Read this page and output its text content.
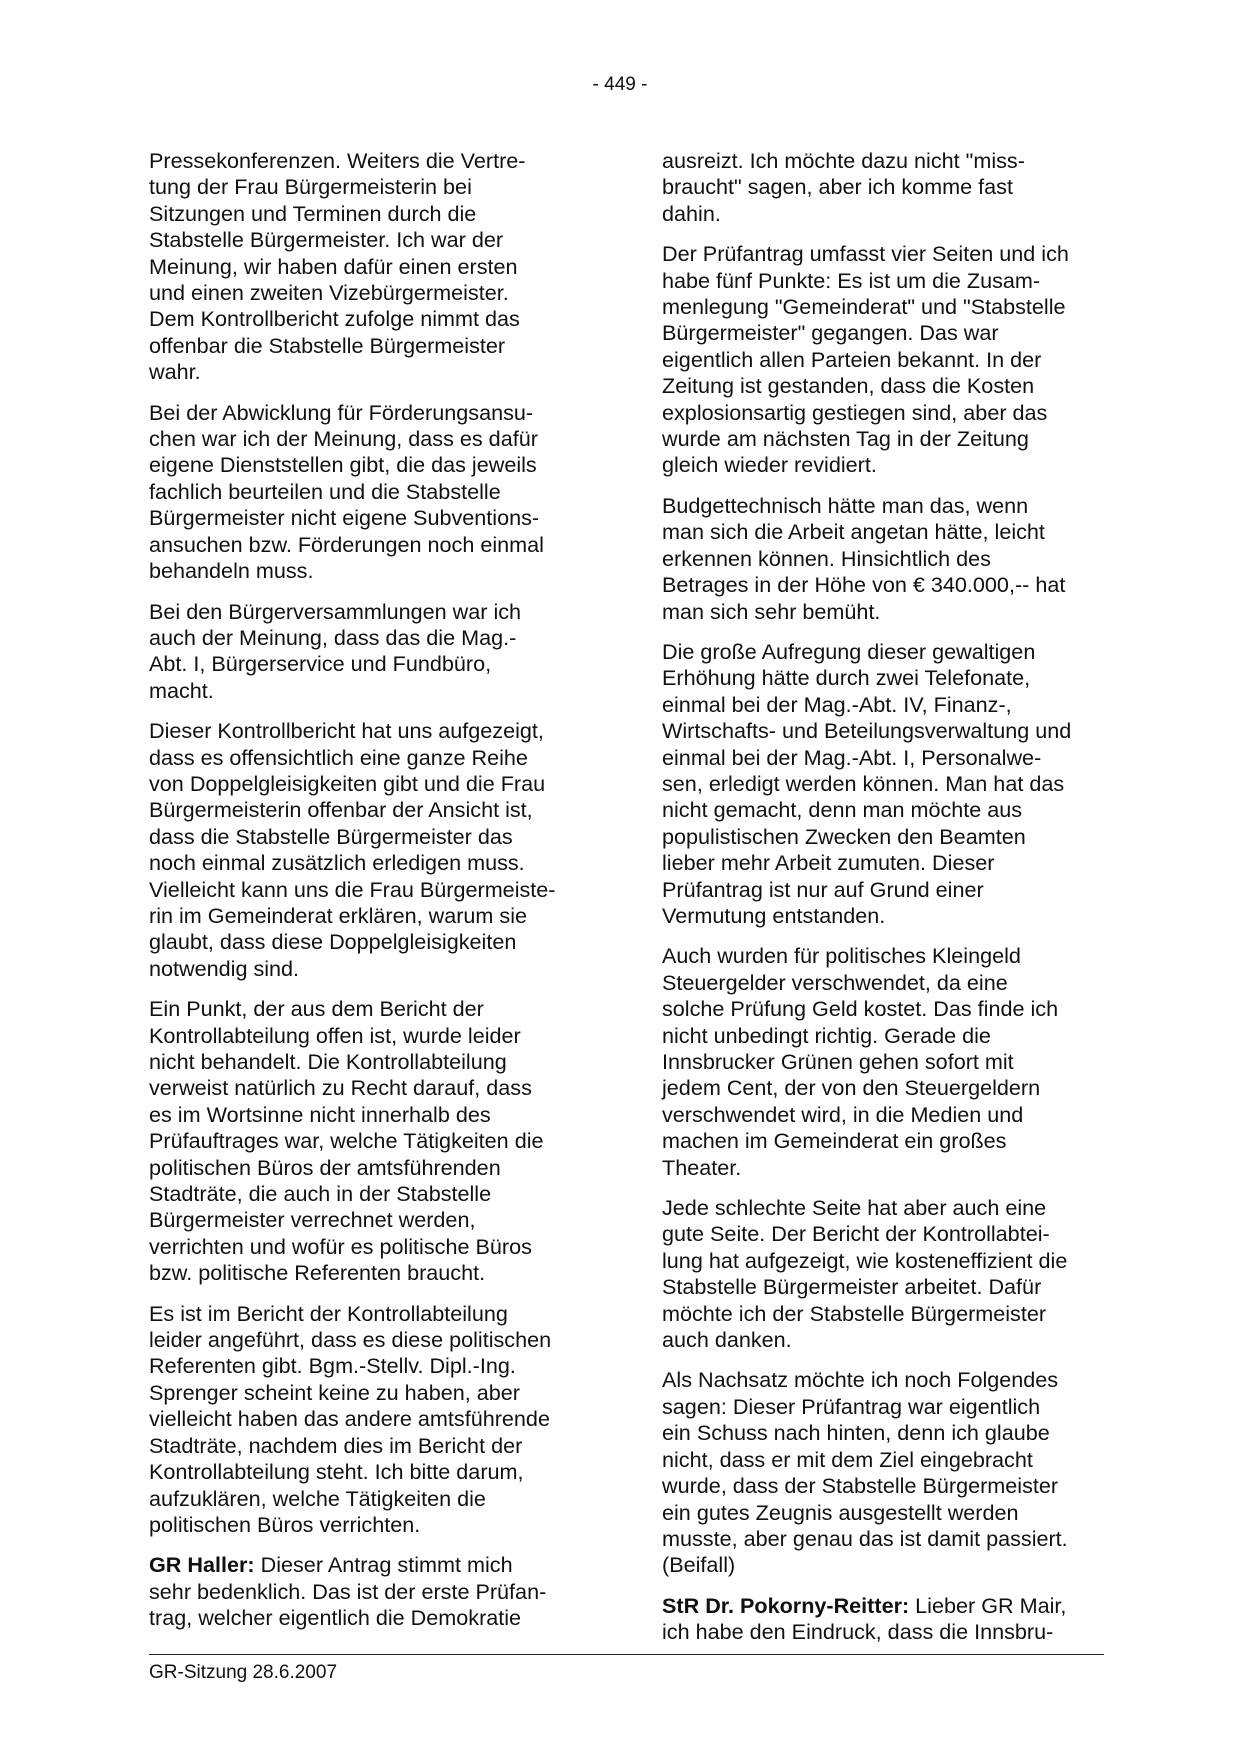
- 449 -

Pressekonferenzen. Weiters die Vertre-
tung der Frau Bürgermeisterin bei
Sitzungen und Terminen durch die
Stabstelle Bürgermeister. Ich war der
Meinung, wir haben dafür einen ersten
und einen zweiten Vizebürgermeister.
Dem Kontrollbericht zufolge nimmt das
offenbar die Stabstelle Bürgermeister
wahr.

Bei der Abwicklung für Förderungsansu-
chen war ich der Meinung, dass es dafür
eigene Dienststellen gibt, die das jeweils
fachlich beurteilen und die Stabstelle
Bürgermeister nicht eigene Subventions-
ansuchen bzw. Förderungen noch einmal
behandeln muss.

Bei den Bürgerversammlungen war ich
auch der Meinung, dass das die Mag.-
Abt. I, Bürgerservice und Fundbüro,
macht.

Dieser Kontrollbericht hat uns aufgezeigt,
dass es offensichtlich eine ganze Reihe
von Doppelgleisigkeiten gibt und die Frau
Bürgermeisterin offenbar der Ansicht ist,
dass die Stabstelle Bürgermeister das
noch einmal zusätzlich erledigen muss.
Vielleicht kann uns die Frau Bürgermeiste-
rin im Gemeinderat erklären, warum sie
glaubt, dass diese Doppelgleisigkeiten
notwendig sind.

Ein Punkt, der aus dem Bericht der
Kontrollabteilung offen ist, wurde leider
nicht behandelt. Die Kontrollabteilung
verweist natürlich zu Recht darauf, dass
es im Wortsinne nicht innerhalb des
Prüfauftrages war, welche Tätigkeiten die
politischen Büros der amtsführenden
Stadträte, die auch in der Stabstelle
Bürgermeister verrechnet werden,
verrichten und wofür es politische Büros
bzw. politische Referenten braucht.

Es ist im Bericht der Kontrollabteilung
leider angeführt, dass es diese politischen
Referenten gibt. Bgm.-Stellv. Dipl.-Ing.
Sprenger scheint keine zu haben, aber
vielleicht haben das andere amtsführende
Stadträte, nachdem dies im Bericht der
Kontrollabteilung steht. Ich bitte darum,
aufzuklären, welche Tätigkeiten die
politischen Büros verrichten.

GR Haller: Dieser Antrag stimmt mich
sehr bedenklich. Das ist der erste Prüfan-
trag, welcher eigentlich die Demokratie

ausreizt. Ich möchte dazu nicht "miss-
braucht" sagen, aber ich komme fast
dahin.

Der Prüfantrag umfasst vier Seiten und ich
habe fünf Punkte: Es ist um die Zusam-
menlegung "Gemeinderat" und "Stabstelle
Bürgermeister" gegangen. Das war
eigentlich allen Parteien bekannt. In der
Zeitung ist gestanden, dass die Kosten
explosionsartig gestiegen sind, aber das
wurde am nächsten Tag in der Zeitung
gleich wieder revidiert.

Budgettechnisch hätte man das, wenn
man sich die Arbeit angetan hätte, leicht
erkennen können. Hinsichtlich des
Betrages in der Höhe von € 340.000,-- hat
man sich sehr bemüht.

Die große Aufregung dieser gewaltigen
Erhöhung hätte durch zwei Telefonate,
einmal bei der Mag.-Abt. IV, Finanz-,
Wirtschafts- und Beteilungsverwaltung und
einmal bei der Mag.-Abt. I, Personalwe-
sen, erledigt werden können. Man hat das
nicht gemacht, denn man möchte aus
populistischen Zwecken den Beamten
lieber mehr Arbeit zumuten. Dieser
Prüfantrag ist nur auf Grund einer
Vermutung entstanden.

Auch wurden für politisches Kleingeld
Steuergelder verschwendet, da eine
solche Prüfung Geld kostet. Das finde ich
nicht unbedingt richtig. Gerade die
Innsbrucker Grünen gehen sofort mit
jedem Cent, der von den Steuergeldern
verschwendet wird, in die Medien und
machen im Gemeinderat ein großes
Theater.

Jede schlechte Seite hat aber auch eine
gute Seite. Der Bericht der Kontrollabtei-
lung hat aufgezeigt, wie kosteneffizient die
Stabstelle Bürgermeister arbeitet. Dafür
möchte ich der Stabstelle Bürgermeister
auch danken.

Als Nachsatz möchte ich noch Folgendes
sagen: Dieser Prüfantrag war eigentlich
ein Schuss nach hinten, denn ich glaube
nicht, dass er mit dem Ziel eingebracht
wurde, dass der Stabstelle Bürgermeister
ein gutes Zeugnis ausgestellt werden
musste, aber genau das ist damit passiert.
(Beifall)

StR Dr. Pokorny-Reitter: Lieber GR Mair,
ich habe den Eindruck, dass die Innsbru-

GR-Sitzung 28.6.2007
